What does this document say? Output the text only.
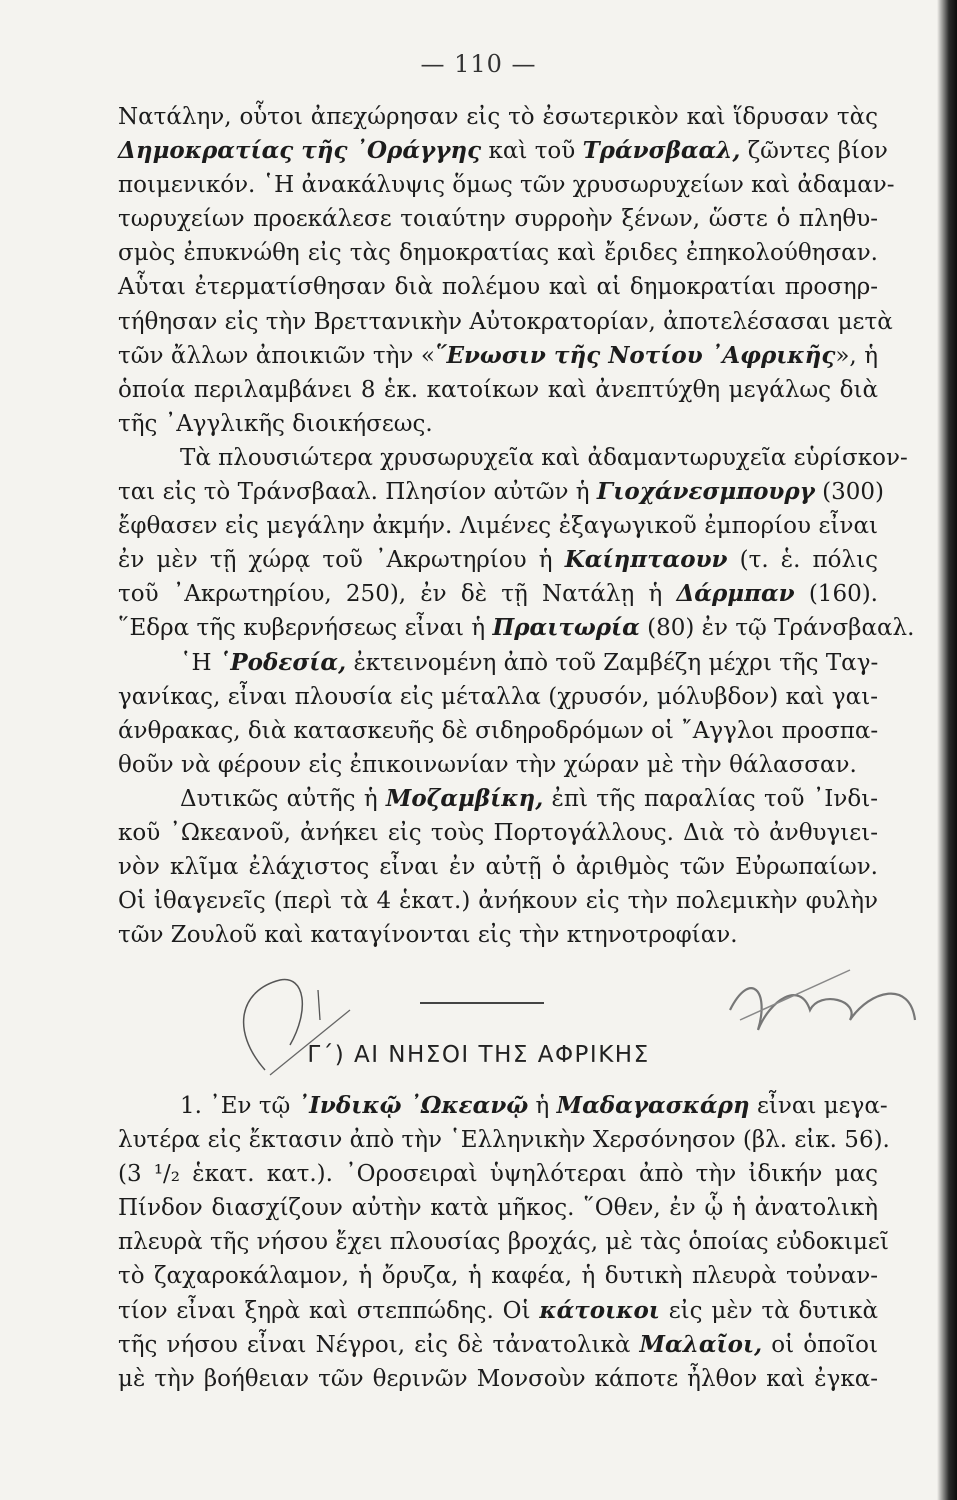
— 110 —
Νατάλην, οὗτοι ἀπεχώρησαν εἰς τὸ ἐσωτερικὸν καὶ ἵδρυσαν τὰς
Δημοκρατίας τῆς ᾽Οράγγης καὶ τοῦ Τράνσβααλ, ζῶντες βίον
ποιμενικόν. ῾Η ἀνακάλυψις ὅμως τῶν χρυσωρυχείων καὶ ἀδαμαν-
τωρυχείων προεκάλεσε τοιαύτην συρροὴν ξένων, ὥστε ὁ πληθυ-
σμὸς ἐπυκνώθη εἰς τὰς δημοκρατίας καὶ ἔριδες ἐπηκολούθησαν.
Αὗται ἐτερματίσθησαν διὰ πολέμου καὶ αἱ δημοκρατίαι προσηρ-
τήθησαν εἰς τὴν Βρεττανικὴν Αὐτοκρατορίαν, ἀποτελέσασαι μετὰ
τῶν ἄλλων ἀποικιῶν τὴν «῞Ενωσιν τῆς Νοτίου ᾽Αφρικῆς», ἡ
ὁποία περιλαμβάνει 8 ἑκ. κατοίκων καὶ ἀνεπτύχθη μεγάλως διὰ
τῆς ᾽Αγγλικῆς διοικήσεως.
Τὰ πλουσιώτερα χρυσωρυχεῖα καὶ ἀδαμαντωρυχεῖα εὑρίσκον-
ται εἰς τὸ Τράνσβααλ. Πλησίον αὐτῶν ἡ Γιοχάνεσμπουργ (300)
ἔφθασεν εἰς μεγάλην ἀκμήν. Λιμένες ἐξαγωγικοῦ ἐμπορίου εἶναι
ἐν μὲν τῇ χώρᾳ τοῦ ᾽Ακρωτηρίου ἡ Καίηπταουν (τ. ἑ. πόλις
τοῦ ᾽Ακρωτηρίου, 250), ἐν δὲ τῇ Νατάλῃ ἡ Δάρμπαν (160).
῞Εδρα τῆς κυβερνήσεως εἶναι ἡ Πραιτωρία (80) ἐν τῷ Τράνσβααλ.
῾Η ῾Ροδεσία, ἐκτεινομένη ἀπὸ τοῦ Ζαμβέζη μέχρι τῆς Ταγ-
γανίκας, εἶναι πλουσία εἰς μέταλλα (χρυσόν, μόλυβδον) καὶ γαι-
άνθρακας, διὰ κατασκευῆς δὲ σιδηροδρόμων οἱ ῎Αγγλοι προσπα-
θοῦν νὰ φέρουν εἰς ἐπικοινωνίαν τὴν χώραν μὲ τὴν θάλασσαν.
Δυτικῶς αὐτῆς ἡ Μοζαμβίκη, ἐπὶ τῆς παραλίας τοῦ ᾽Ινδι-
κοῦ ᾽Ωκεανοῦ, ἀνήκει εἰς τοὺς Πορτογάλλους. Διὰ τὸ ἀνθυγιει-
νὸν κλῖμα ἐλάχιστος εἶναι ἐν αὐτῇ ὁ ἀριθμὸς τῶν Εὐρωπαίων.
Οἱ ἰθαγενεῖς (περὶ τὰ 4 ἑκατ.) ἀνήκουν εἰς τὴν πολεμικὴν φυλὴν
τῶν Ζουλοῦ καὶ καταγίνονται εἰς τὴν κτηνοτροφίαν.
Γ´) ΑΙ ΝΗΣΟΙ ΤΗΣ ΑΦΡΙΚΗΣ
1. ᾽Εν τῷ ᾽Ινδικῷ ᾽Ωκεανῷ ἡ Μαδαγασκάρη εἶναι μεγα-
λυτέρα εἰς ἔκτασιν ἀπὸ τὴν ῾Ελληνικὴν Χερσόνησον (βλ. εἰκ. 56).
(3 ¹/₂ ἑκατ. κατ.). ᾽Οροσειραὶ ὑψηλότεραι ἀπὸ τὴν ἰδικήν μας
Πίνδον διασχίζουν αὐτὴν κατὰ μῆκος. ῞Οθεν, ἐν ᾧ ἡ ἀνατολικὴ
πλευρὰ τῆς νήσου ἔχει πλουσίας βροχάς, μὲ τὰς ὁποίας εὐδοκιμεῖ
τὸ ζαχαροκάλαμον, ἡ ὄρυζα, ἡ καφέα, ἡ δυτικὴ πλευρὰ τοὐναν-
τίον εἶναι ξηρὰ καὶ στεππώδης. Οἱ κάτοικοι εἰς μὲν τὰ δυτικὰ
τῆς νήσου εἶναι Νέγροι, εἰς δὲ τἀνατολικὰ Μαλαῖοι, οἱ ὁποῖοι
μὲ τὴν βοήθειαν τῶν θερινῶν Μονσοὺν κάποτε ἦλθον καὶ ἐγκα-
